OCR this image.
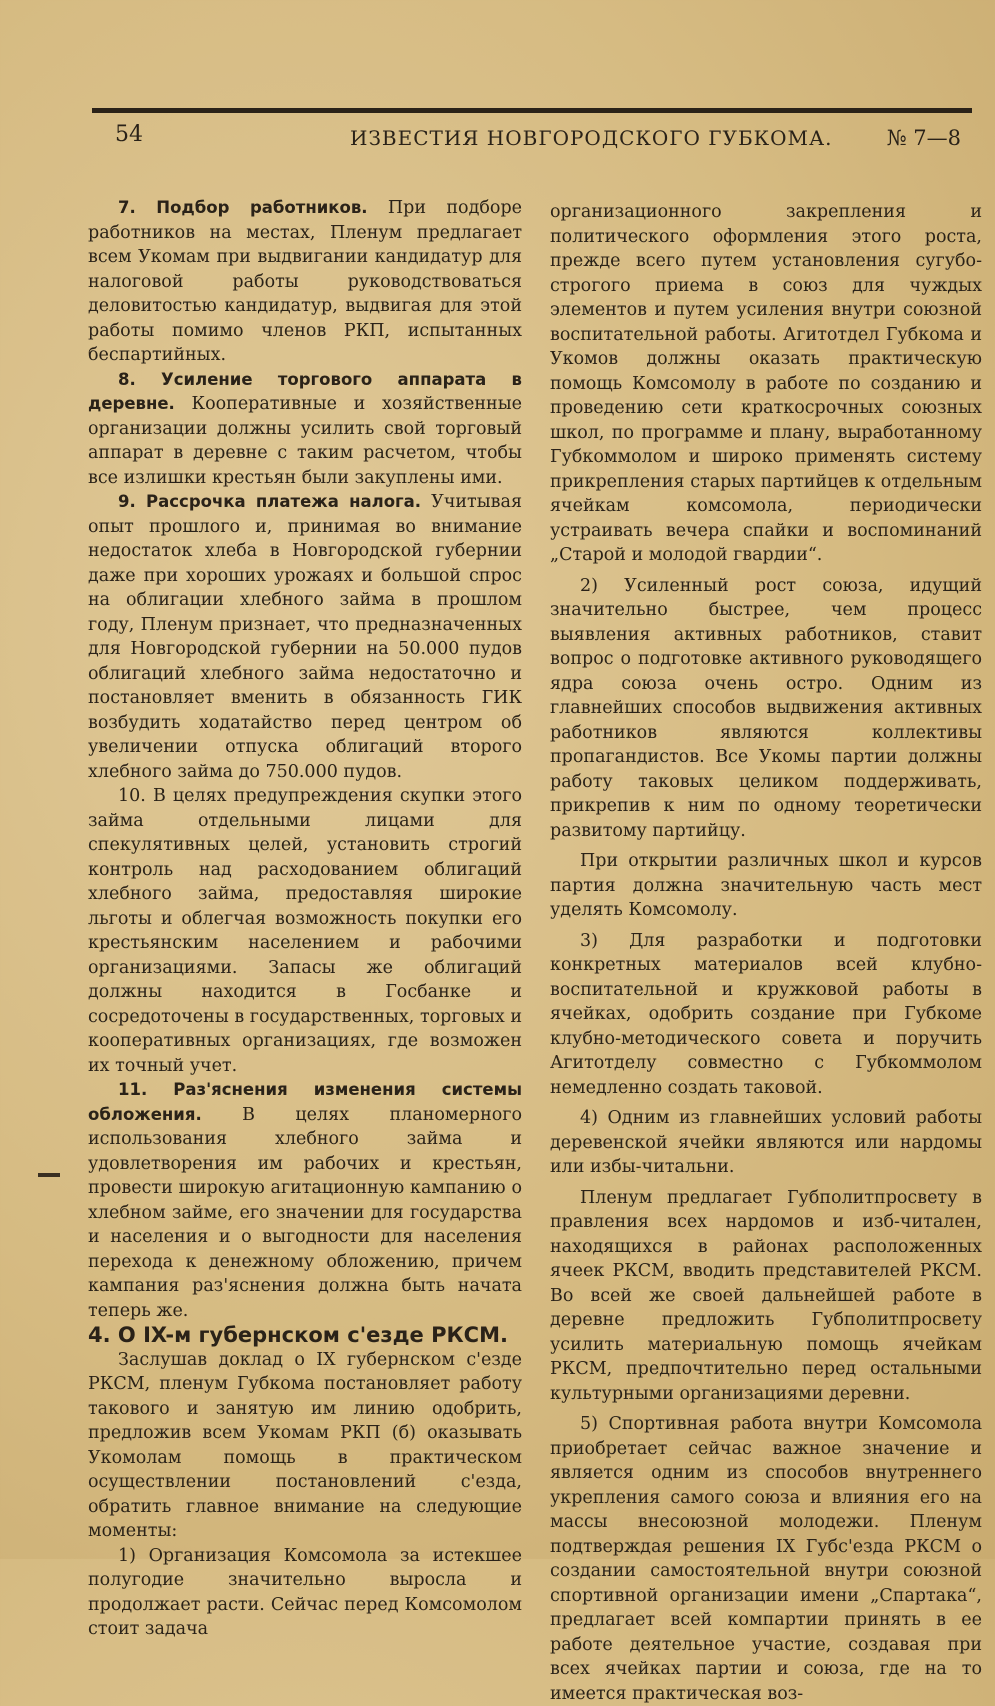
54	ИЗВЕСТИЯ НОВГОРОДСКОГО ГУБКОМА.	№ 7—8

7. Подбор работников. При подборе работников на местах, Пленум предлагает всем Укомам при выдвигании кандидатур для налоговой работы руководствоваться деловитостью кандидатур, выдвигая для этой работы помимо членов РКП, испытанных беспартийных.

8. Усиление торгового аппарата в деревне. Кооперативные и хозяйственные организации должны усилить свой торговый аппарат в деревне с таким расчетом, чтобы все излишки крестьян были закуплены ими.

9. Рассрочка платежа налога. Учитывая опыт прошлого и, принимая во внимание недостаток хлеба в Новгородской губернии даже при хороших урожаях и большой спрос на облигации хлебного займа в прошлом году, Пленум признает, что предназначенных для Новгородской губернии на 50.000 пудов облигаций хлебного займа недостаточно и постановляет вменить в обязанность ГИК возбудить ходатайство перед центром об увеличении отпуска облигаций второго хлебного займа до 750.000 пудов.

10. В целях предупреждения скупки этого займа отдельными лицами для спекулятивных целей, установить строгий контроль над расходованием облигаций хлебного займа, предоставляя широкие льготы и облегчая возможность покупки его крестьянским населением и рабочими организациями. Запасы же облигаций должны находится в Госбанке и сосредоточены в государственных, торговых и кооперативных организациях, где возможен их точный учет.

11. Раз'яснения изменения системы обложения. В целях планомерного использования хлебного займа и удовлетворения им рабочих и крестьян, провести широкую агитационную кампанию о хлебном займе, его значении для государства и населения и о выгодности для населения перехода к денежному обложению, причем кампания раз'яснения должна быть начата теперь же.

4. О IX-м губернском с'езде РКСМ.

Заслушав доклад о IX губернском с'езде РКСМ, пленум Губкома постановляет работу такового и занятую им линию одобрить, предложив всем Укомам РКП (б) оказывать Укомолам помощь в практическом осуществлении постановлений с'езда, обратить главное внимание на следующие моменты:

1) Организация Комсомола за истекшее полугодие значительно выросла и продолжает расти. Сейчас перед Комсомолом стоит задача

организационного закрепления и политического оформления этого роста, прежде всего путем установления сугубо-строгого приема в союз для чуждых элементов и путем усиления внутри союзной воспитательной работы. Агитотдел Губкома и Укомов должны оказать практическую помощь Комсомолу в работе по созданию и проведению сети краткосрочных союзных школ, по программе и плану, выработанному Губкоммолом и широко применять систему прикрепления старых партийцев к отдельным ячейкам комсомола, периодически устраивать вечера спайки и воспоминаний „Старой и молодой гвардии“.

2) Усиленный рост союза, идущий значительно быстрее, чем процесс выявления активных работников, ставит вопрос о подготовке активного руководящего ядра союза очень остро. Одним из главнейших способов выдвижения активных работников являются коллективы пропагандистов. Все Укомы партии должны работу таковых целиком поддерживать, прикрепив к ним по одному теоретически развитому партийцу.

При открытии различных школ и курсов партия должна значительную часть мест уделять Комсомолу.

3) Для разработки и подготовки конкретных материалов всей клубно-воспитательной и кружковой работы в ячейках, одобрить создание при Губкоме клубно-методического совета и поручить Агитотделу совместно с Губкоммолом немедленно создать таковой.

4) Одним из главнейших условий работы деревенской ячейки являются или нардомы или избы-читальни.

Пленум предлагает Губполитпросвету в правления всех нардомов и изб-читален, находящихся в районах расположенных ячеек РКСМ, вводить представителей РКСМ. Во всей же своей дальнейшей работе в деревне предложить Губполитпросвету усилить материальную помощь ячейкам РКСМ, предпочтительно перед остальными культурными организациями деревни.

5) Спортивная работа внутри Комсомола приобретает сейчас важное значение и является одним из способов внутреннего укрепления самого союза и влияния его на массы внесоюзной молодежи. Пленум подтверждая решения IX Губс'езда РКСМ о создании самостоятельной внутри союзной спортивной организации имени „Спартака“, предлагает всей компартии принять в ее работе деятельное участие, создавая при всех ячейках партии и союза, где на то имеется практическая воз-
